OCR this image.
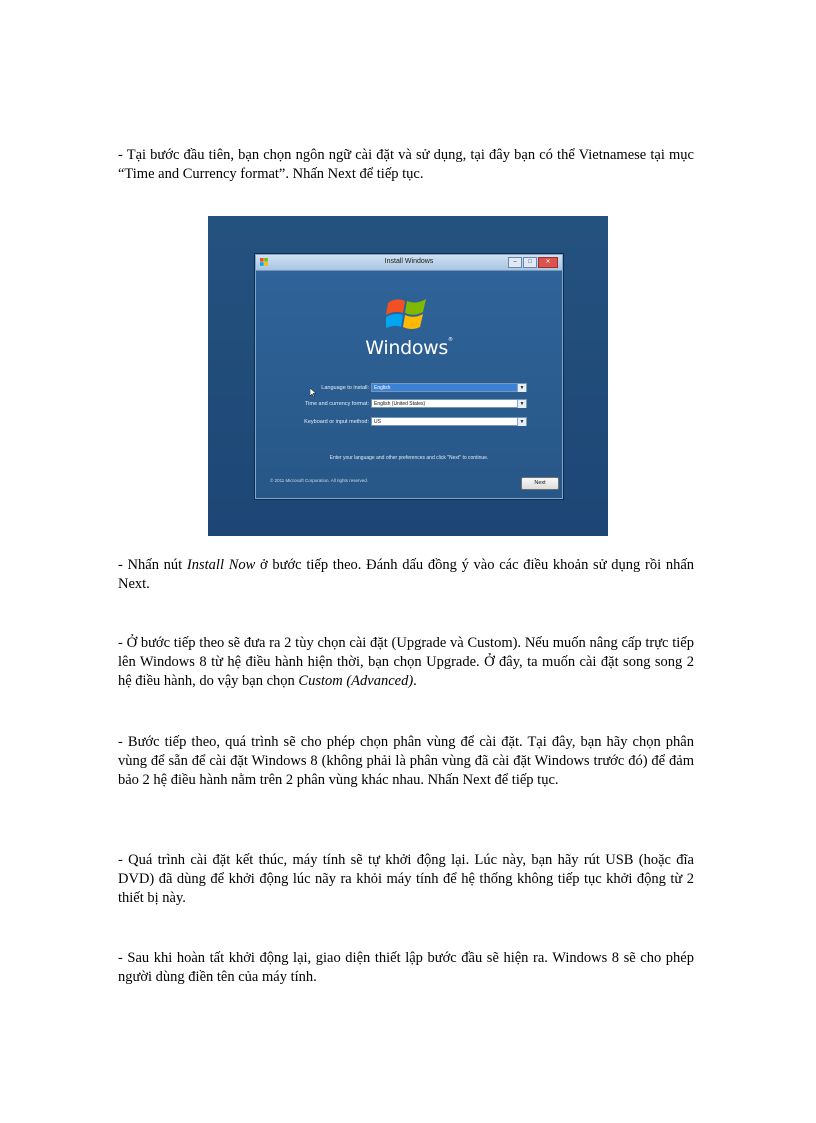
- Tại bước đầu tiên, bạn chọn ngôn ngữ cài đặt và sử dụng, tại đây bạn có thể Vietnamese tại mục “Time and Currency format”. Nhấn Next để tiếp tục.

Install Windows	–	□	✕
Windows®
Language to install:	English	▼
Time and currency format:	English (United States)	▼
Keyboard or input method:	US	▼
Enter your language and other preferences and click "Next" to continue.
© 2011 Microsoft Corporation. All rights reserved.	Next

- Nhấn nút Install Now ở bước tiếp theo. Đánh dấu đồng ý vào các điều khoản sử dụng rồi nhấn Next.

- Ở bước tiếp theo sẽ đưa ra 2 tùy chọn cài đặt (Upgrade và Custom). Nếu muốn nâng cấp trực tiếp lên Windows 8 từ hệ điều hành hiện thời, bạn chọn Upgrade. Ở đây, ta muốn cài đặt song song 2 hệ điều hành, do vậy bạn chọn Custom (Advanced).

- Bước tiếp theo, quá trình sẽ cho phép chọn phân vùng để cài đặt. Tại đây, bạn hãy chọn phân vùng để sẵn để cài đặt Windows 8 (không phải là phân vùng đã cài đặt Windows trước đó) để đảm bảo 2 hệ điều hành nằm trên 2 phân vùng khác nhau. Nhấn Next để tiếp tục.

- Quá trình cài đặt kết thúc, máy tính sẽ tự khởi động lại. Lúc này, bạn hãy rút USB (hoặc đĩa DVD) đã dùng để khởi động lúc nãy ra khỏi máy tính để hệ thống không tiếp tục khởi động từ 2 thiết bị này.

- Sau khi hoàn tất khởi động lại, giao diện thiết lập bước đầu sẽ hiện ra. Windows 8 sẽ cho phép người dùng điền tên của máy tính.
